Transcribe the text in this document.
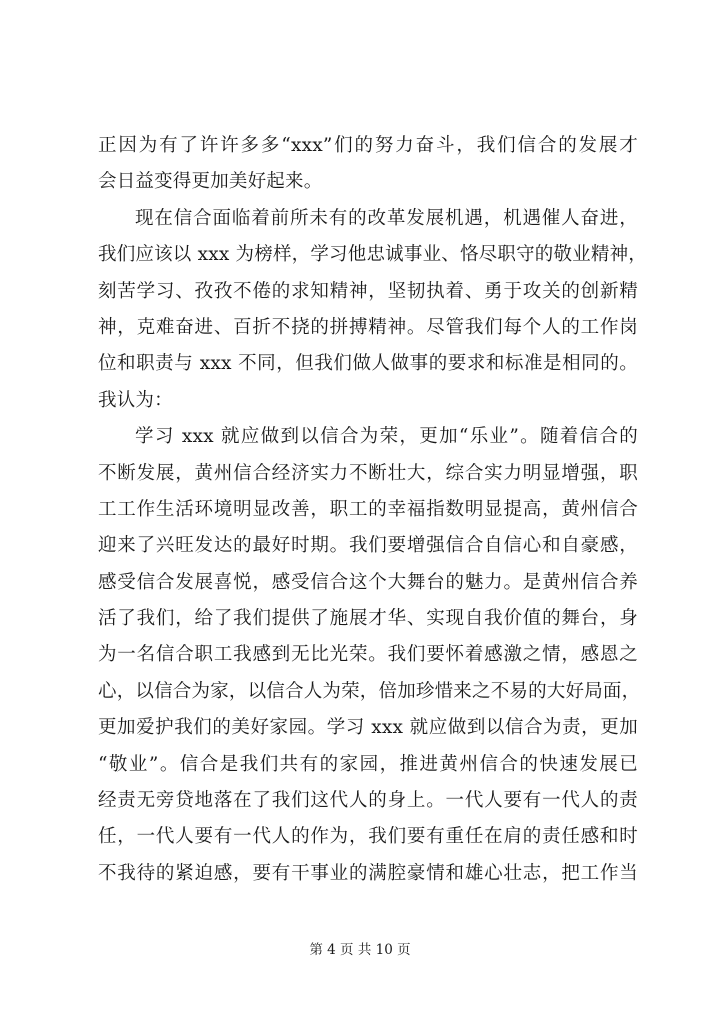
正因为有了许许多多“xxx”们的努力奋斗，我们信合的发展才
会日益变得更加美好起来。
现在信合面临着前所未有的改革发展机遇，机遇催人奋进，
我们应该以 xxx 为榜样，学习他忠诚事业、恪尽职守的敬业精神，
刻苦学习、孜孜不倦的求知精神，坚韧执着、勇于攻关的创新精
神，克难奋进、百折不挠的拼搏精神。尽管我们每个人的工作岗
位和职责与 xxx 不同，但我们做人做事的要求和标准是相同的。
我认为：
学习 xxx 就应做到以信合为荣，更加“乐业”。随着信合的
不断发展，黄州信合经济实力不断壮大，综合实力明显增强，职
工工作生活环境明显改善，职工的幸福指数明显提高，黄州信合
迎来了兴旺发达的最好时期。我们要增强信合自信心和自豪感，
感受信合发展喜悦，感受信合这个大舞台的魅力。是黄州信合养
活了我们，给了我们提供了施展才华、实现自我价值的舞台，身
为一名信合职工我感到无比光荣。我们要怀着感激之情，感恩之
心，以信合为家，以信合人为荣，倍加珍惜来之不易的大好局面，
更加爱护我们的美好家园。学习 xxx 就应做到以信合为责，更加
“敬业”。信合是我们共有的家园，推进黄州信合的快速发展已
经责无旁贷地落在了我们这代人的身上。一代人要有一代人的责
任，一代人要有一代人的作为，我们要有重任在肩的责任感和时
不我待的紧迫感，要有干事业的满腔豪情和雄心壮志，把工作当
第 4 页 共 10 页
